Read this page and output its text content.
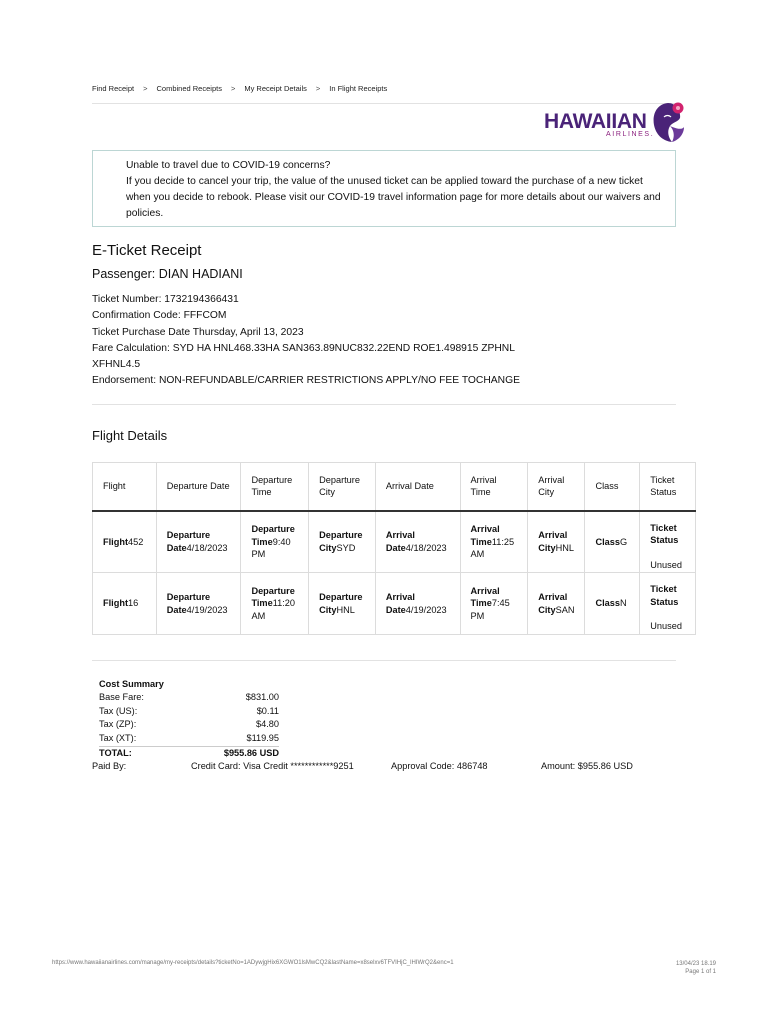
Find Receipt > Combined Receipts > My Receipt Details > In Flight Receipts
HAWAIIAN
AIRLINES.
Unable to travel due to COVID-19 concerns?
If you decide to cancel your trip, the value of the unused ticket can be applied toward the purchase of a new ticket when you decide to rebook. Please visit our COVID-19 travel information page for more details about our waivers and policies.
E-Ticket Receipt
Passenger: DIAN HADIANI
Ticket Number: 1732194366431
Confirmation Code: FFFCOM
Ticket Purchase Date Thursday, April 13, 2023
Fare Calculation: SYD HA HNL468.33HA SAN363.89NUC832.22END ROE1.498915 ZPHNL
XFHNL4.5
Endorsement: NON-REFUNDABLE/CARRIER RESTRICTIONS APPLY/NO FEE TOCHANGE
Flight Details
Flight	Departure Date	Departure Time	Departure City	Arrival Date	Arrival Time	Arrival City	Class	Ticket Status
Flight452	Departure Date4/18/2023	Departure Time9:40 PM	Departure CitySYD	Arrival Date4/18/2023	Arrival Time11:25 AM	Arrival CityHNL	ClassG	Ticket Status
Unused

Flight16	Departure Date4/19/2023	Departure Time11:20 AM	Departure CityHNL	Arrival Date4/19/2023	Arrival Time7:45 PM	Arrival CitySAN	ClassN	Ticket Status
Unused
Cost Summary
Base Fare:	$831.00
Tax (US):	$0.11
Tax (ZP):	$4.80
Tax (XT):	$119.95
TOTAL:	$955.86 USD
Paid By:	Credit Card: Visa Credit ************9251	Approval Code: 486748	Amount: $955.86 USD
https://www.hawaiianairlines.com/manage/my-receipts/details?ticketNo=1ADywjgHix6XGWO1lsMwCQ2&lastName=x8selxv6TFVIHjC_lHIWrQ2&enc=1	13/04/23 18.19
Page 1 of 1
